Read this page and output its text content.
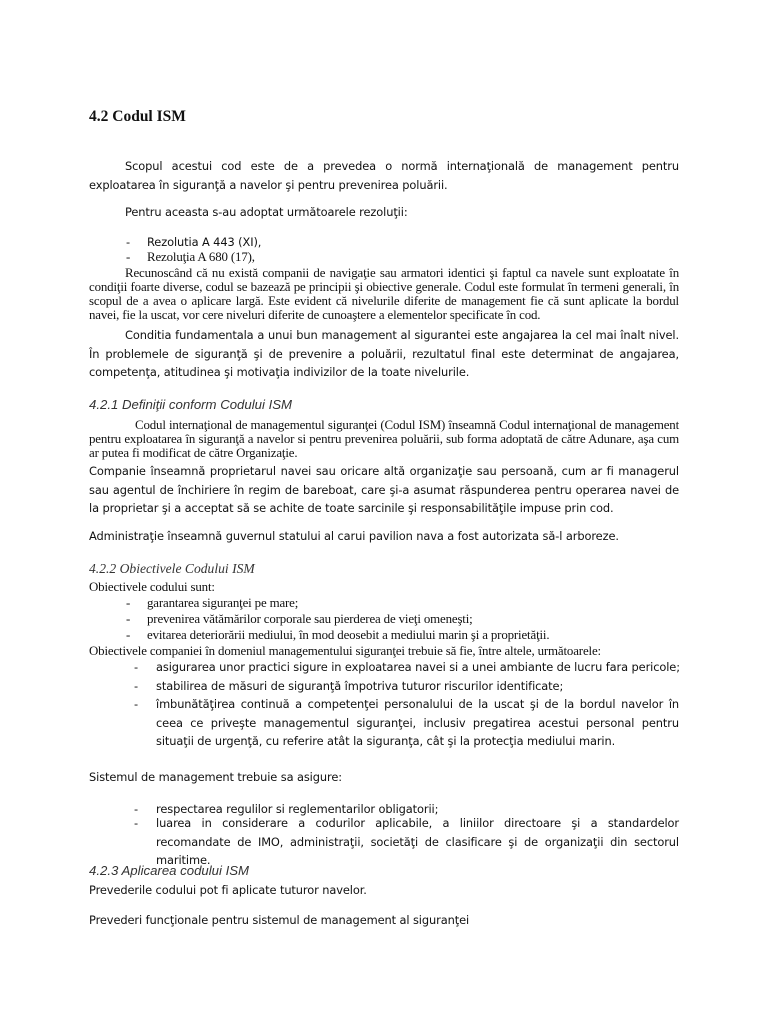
4.2 Codul ISM

Scopul acestui cod este de a prevedea o normă internaţională de management pentru exploatarea în siguranţă a navelor şi pentru prevenirea poluării.

Pentru aceasta s-au adoptat următoarele rezoluţii:

- Rezolutia A 443 (XI),
- Rezoluţia A 680 (17),

Recunoscând că nu există companii de navigaţie sau armatori identici şi faptul ca navele sunt exploatate în condiţii foarte diverse, codul se bazează pe principii şi obiective generale. Codul este formulat în termeni generali, în scopul de a avea o aplicare largă. Este evident că nivelurile diferite de management fie că sunt aplicate la bordul navei, fie la uscat, vor cere niveluri diferite de cunoaştere a elementelor specificate în cod.

Conditia fundamentala a unui bun management al sigurantei este angajarea la cel mai înalt nivel. În problemele de siguranţă şi de prevenire a poluării, rezultatul final este determinat de angajarea, competenţa, atitudinea şi motivaţia indivizilor de la toate nivelurile.

4.2.1 Definiţii conform Codului ISM

Codul internaţional de managementul siguranţei (Codul ISM) înseamnă Codul internaţional de management pentru exploatarea în siguranţă a navelor si pentru prevenirea poluării, sub forma adoptată de către Adunare, aşa cum ar putea fi modificat de către Organizaţie.

Companie înseamnă proprietarul navei sau oricare altă organizaţie sau persoană, cum ar fi managerul sau agentul de închiriere în regim de bareboat, care şi-a asumat răspunderea pentru operarea navei de la proprietar şi a acceptat să se achite de toate sarcinile şi responsabilităţile impuse prin cod.

Administraţie înseamnă guvernul statului al carui pavilion nava a fost autorizata să-l arboreze.

4.2.2 Obiectivele Codului ISM
Obiectivele codului sunt:
- garantarea siguranţei pe mare;
- prevenirea vătămărilor corporale sau pierderea de vieţi omeneşti;
- evitarea deteriorării mediului, în mod deosebit a mediului marin şi a proprietăţii.
Obiectivele companiei în domeniul managementului siguranţei trebuie să fie, între altele, următoarele:
- asigurarea unor practici sigure in exploatarea navei si a unei ambiante de lucru fara pericole;
- stabilirea de măsuri de siguranţă împotriva tuturor riscurilor identificate;
- îmbunătăţirea continuă a competenţei personalului de la uscat şi de la bordul navelor în ceea ce priveşte managementul siguranţei, inclusiv pregatirea acestui personal pentru situaţii de urgenţă, cu referire atât la siguranţa, cât şi la protecţia mediului marin.

Sistemul de management trebuie sa asigure:
- respectarea regulilor si reglementarilor obligatorii;
- luarea in considerare a codurilor aplicabile, a liniilor directoare şi a standardelor recomandate de IMO, administraţii, societăţi de clasificare şi de organizaţii din sectorul maritime.

4.2.3 Aplicarea codului ISM
Prevederile codului pot fi aplicate tuturor navelor.
Prevederi funcţionale pentru sistemul de management al siguranţei
